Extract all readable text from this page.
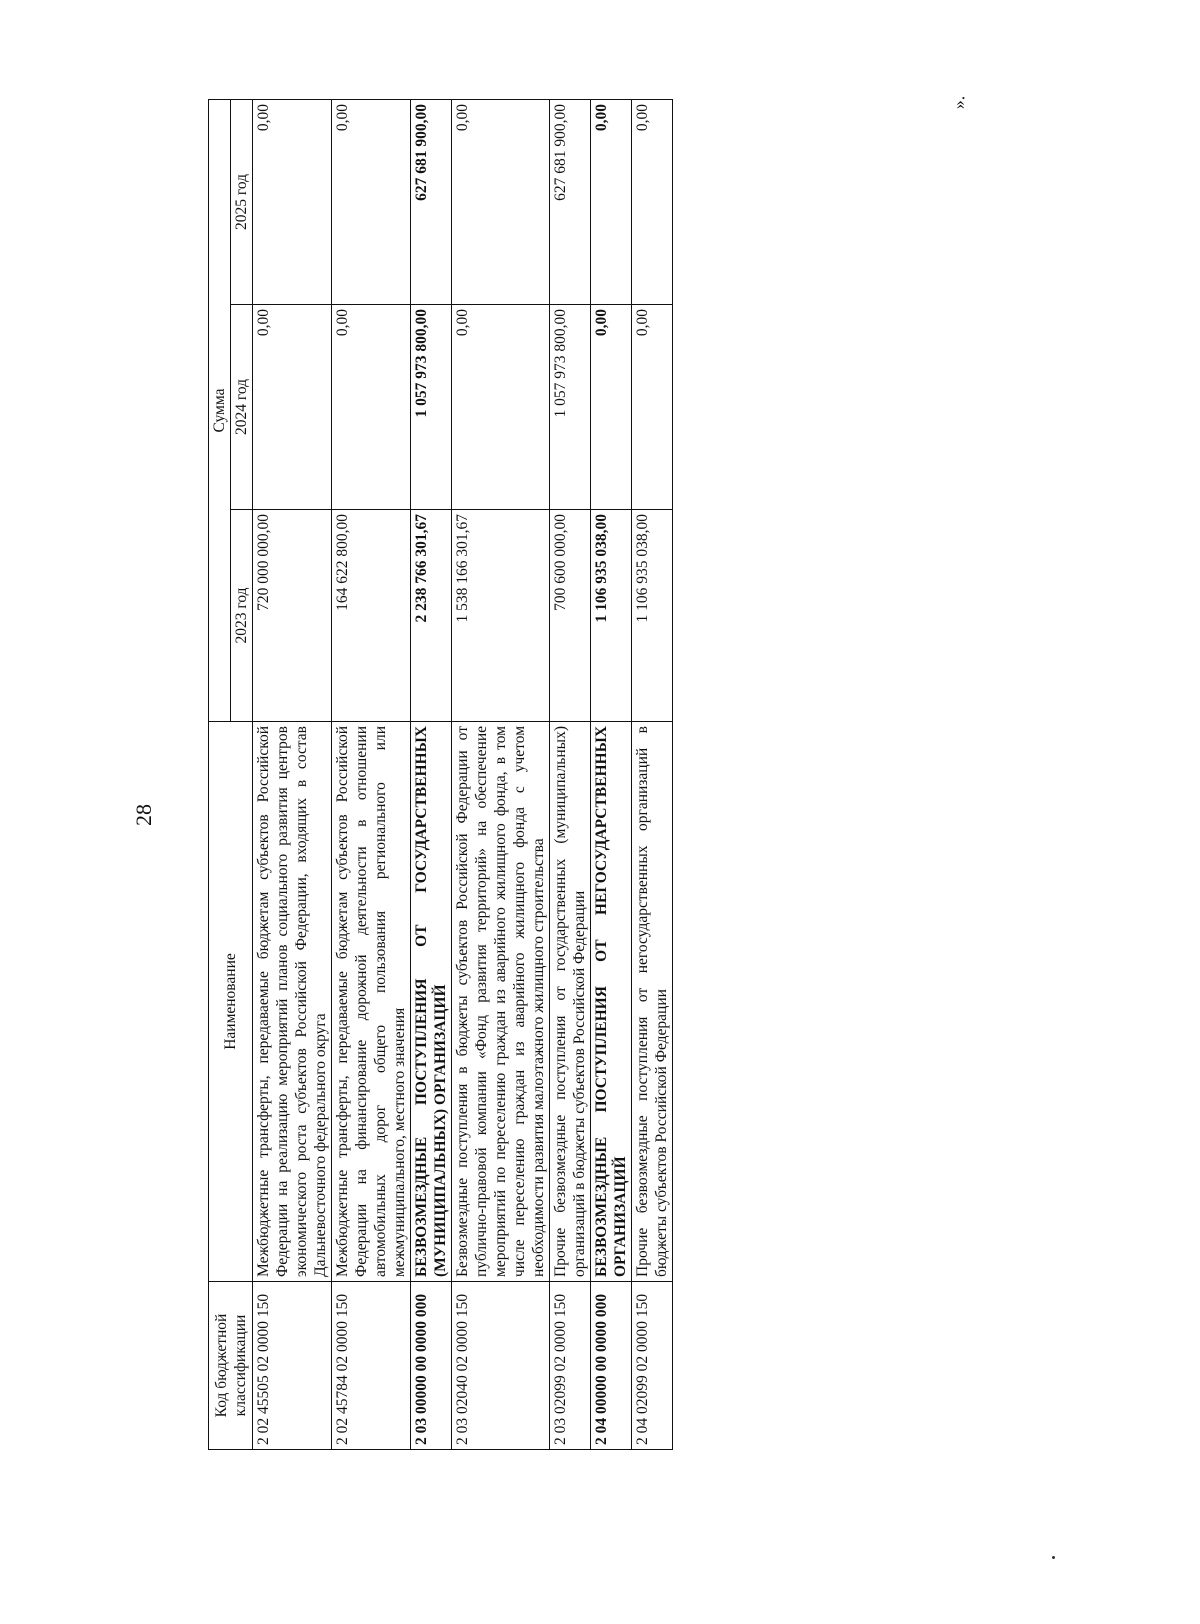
28
Код бюджетной классификации	Наименование	Сумма		
		2023 год	2024 год	2025 год
2 02 45505 02 0000 150	Межбюджетные трансферты, передаваемые бюджетам субъектов Российской Федерации на реализацию мероприятий планов социального развития центров экономического роста субъектов Российской Федерации, входящих в состав Дальневосточного федерального округа	720 000 000,00	0,00	0,00
2 02 45784 02 0000 150	Межбюджетные трансферты, передаваемые бюджетам субъектов Российской Федерации на финансирование дорожной деятельности в отношении автомобильных дорог общего пользования регионального или межмуниципального, местного значения	164 622 800,00	0,00	0,00
2 03 00000 00 0000 000	БЕЗВОЗМЕЗДНЫЕ ПОСТУПЛЕНИЯ ОТ ГОСУДАРСТВЕННЫХ (МУНИЦИПАЛЬНЫХ) ОРГАНИЗАЦИЙ	2 238 766 301,67	1 057 973 800,00	627 681 900,00
2 03 02040 02 0000 150	Безвозмездные поступления в бюджеты субъектов Российской Федерации от публично-правовой компании «Фонд развития территорий» на обеспечение мероприятий по переселению граждан из аварийного жилищного фонда, в том числе переселению граждан из аварийного жилищного фонда с учетом необходимости развития малоэтажного жилищного строительства	1 538 166 301,67	0,00	0,00
2 03 02099 02 0000 150	Прочие безвозмездные поступления от государственных (муниципальных) организаций в бюджеты субъектов Российской Федерации	700 600 000,00	1 057 973 800,00	627 681 900,00
2 04 00000 00 0000 000	БЕЗВОЗМЕЗДНЫЕ ПОСТУПЛЕНИЯ ОТ НЕГОСУДАРСТВЕННЫХ ОРГАНИЗАЦИЙ	1 106 935 038,00	0,00	0,00
2 04 02099 02 0000 150	Прочие безвозмездные поступления от негосударственных организаций в бюджеты субъектов Российской Федерации	1 106 935 038,00	0,00	0,00
».
